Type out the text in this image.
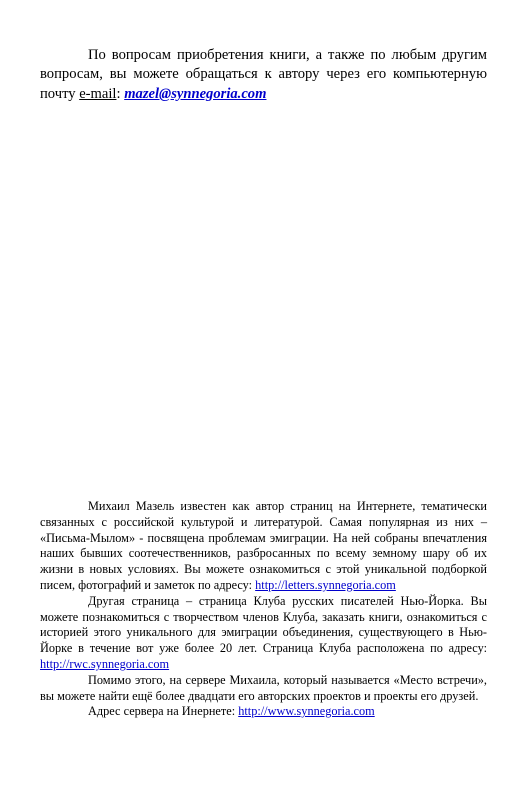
По вопросам приобретения книги, а также по любым другим вопросам, вы можете обращаться к автору через его компьютерную почту e-mail: mazel@synnegoria.com

Михаил Мазель известен как автор страниц на Интернете, тематически связанных с российской культурой и литературой. Самая популярная из них – «Письма-Мылом» - посвящена проблемам эмиграции. На ней собраны впечатления наших бывших соотечественников, разбросанных по всему земному шару об их жизни в новых условиях. Вы можете ознакомиться с этой уникальной подборкой писем, фотографий и заметок по адресу: http://letters.synnegoria.com

Другая страница – страница Клуба русских писателей Нью-Йорка. Вы можете познакомиться с творчеством членов Клуба, заказать книги, ознакомиться с историей этого уникального для эмиграции объединения, существующего в Нью-Йорке в течение вот уже более 20 лет. Страница Клуба расположена по адресу: http://rwc.synnegoria.com

Помимо этого, на сервере Михаила, который называется «Место встречи», вы можете найти ещё более двадцати его авторских проектов и проекты его друзей.

Адрес сервера на Инернете: http://www.synnegoria.com
